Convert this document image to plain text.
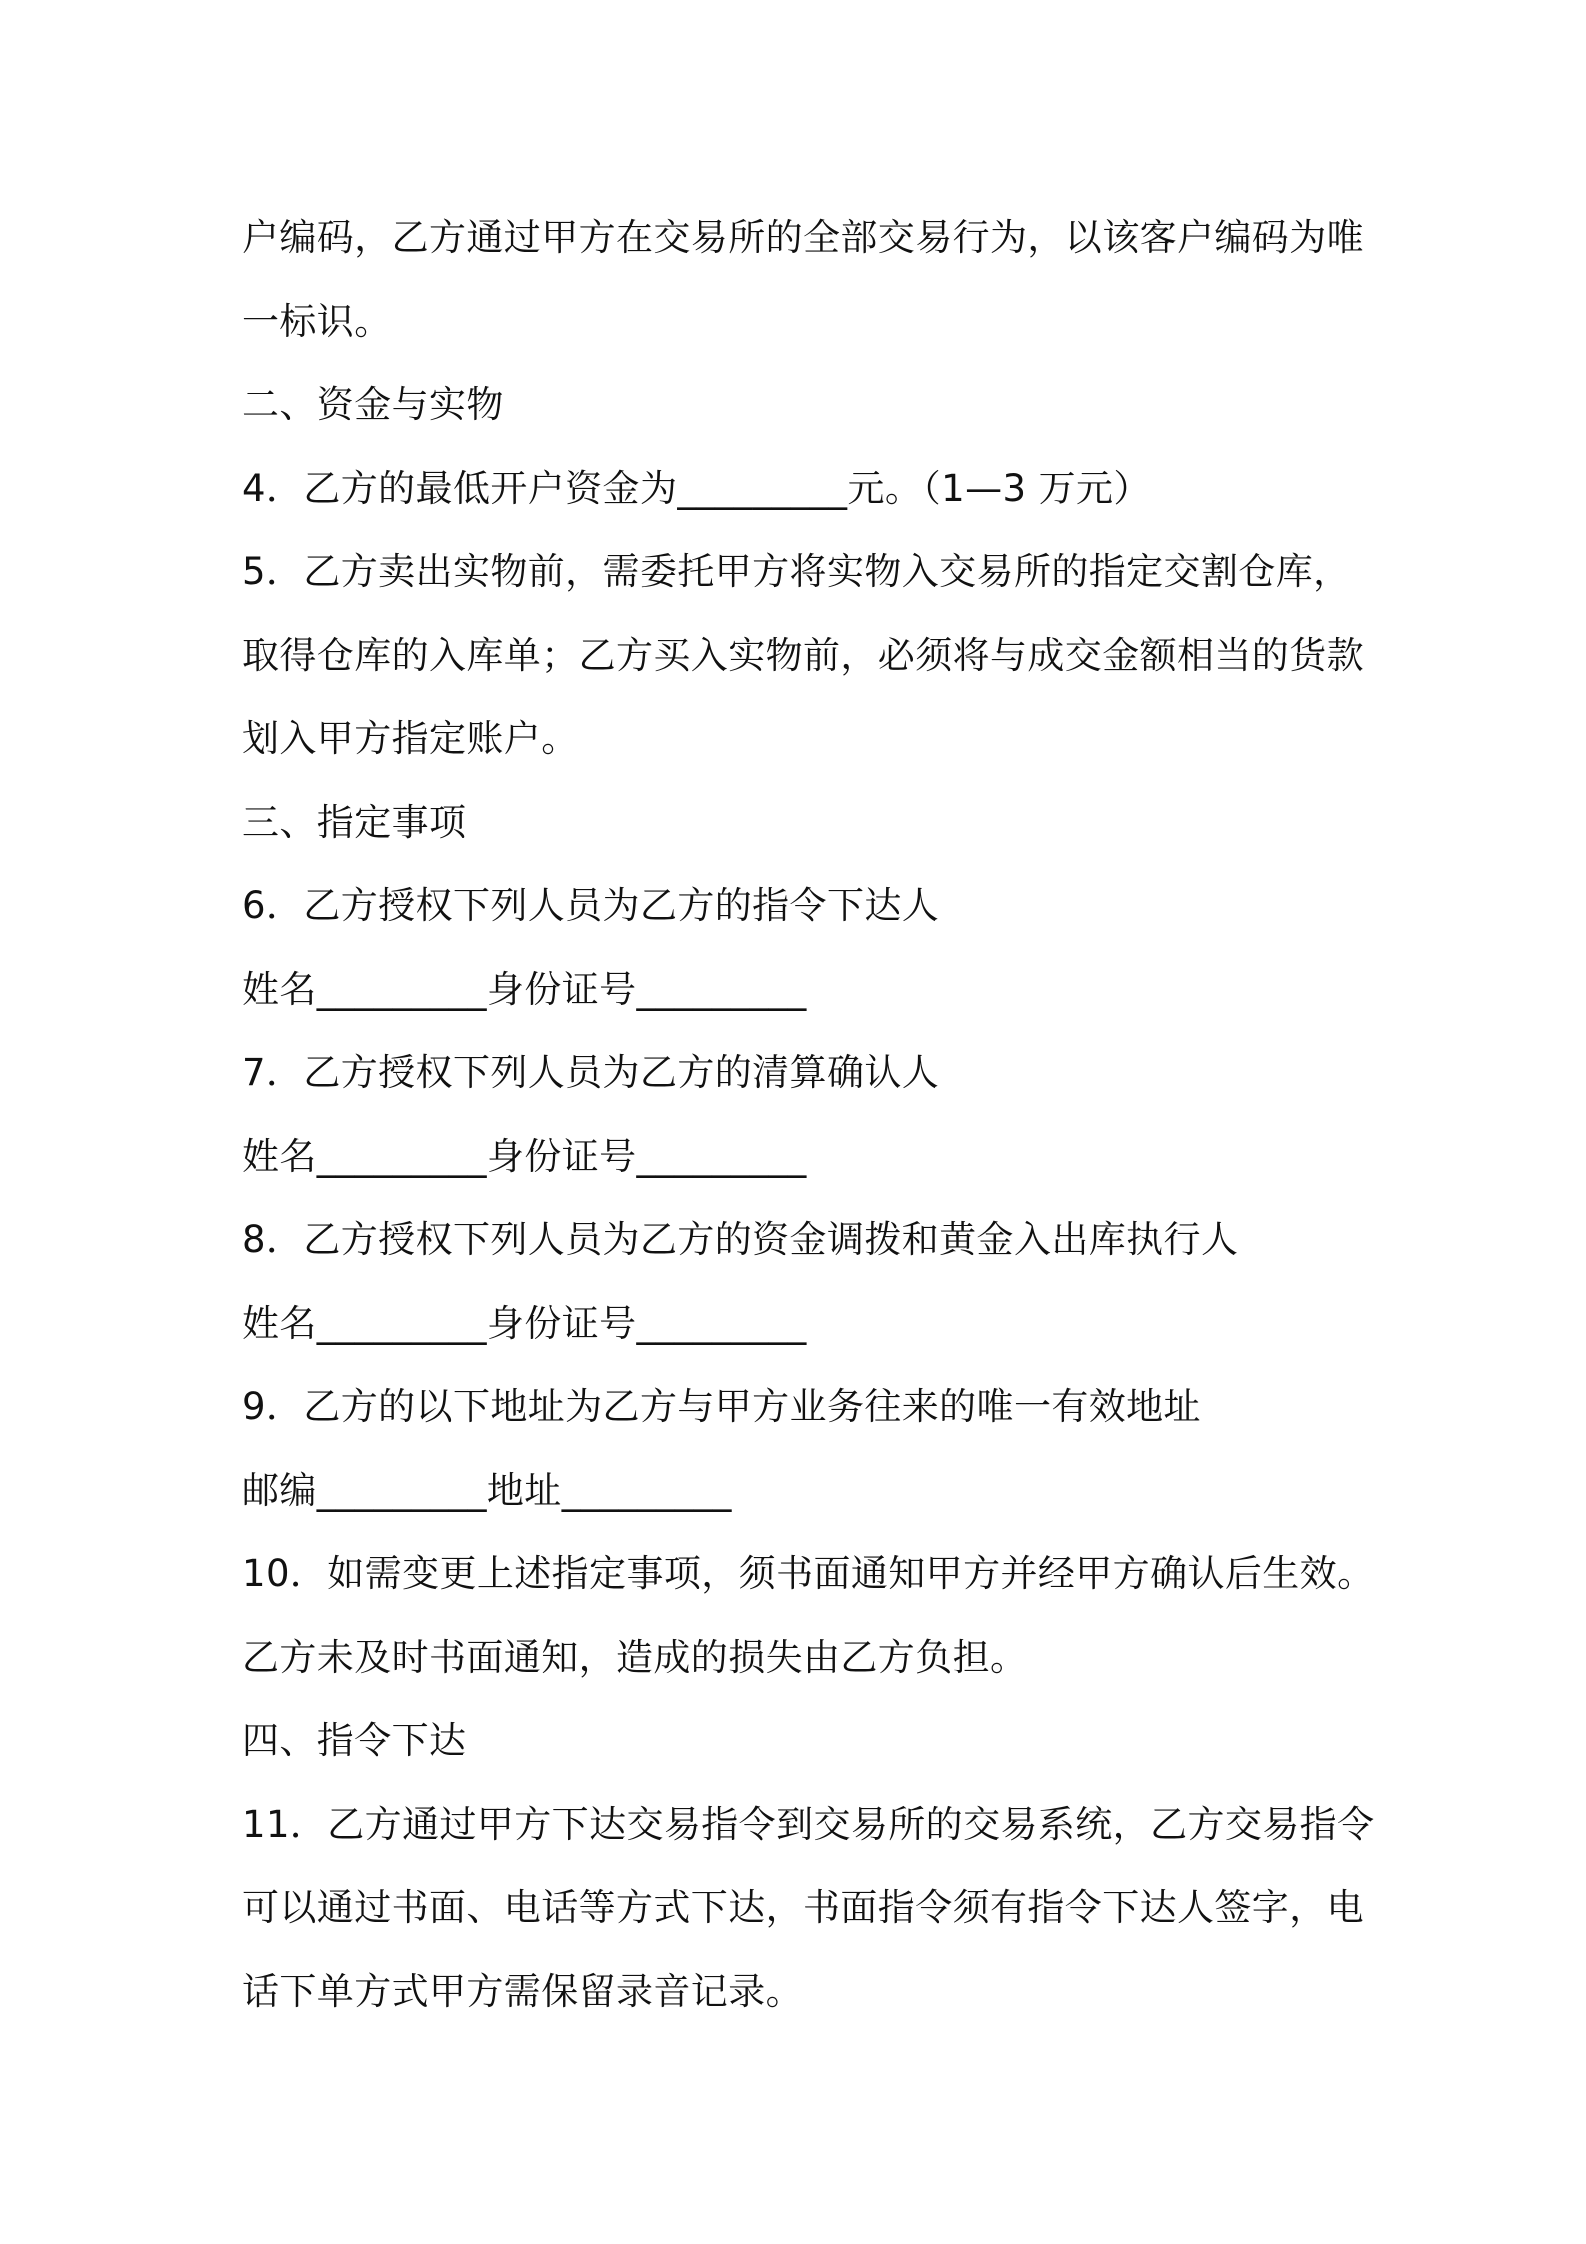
户编码，乙方通过甲方在交易所的全部交易行为，以该客户编码为唯
一标识。
二、资金与实物
4．乙方的最低开户资金为_________元。（1—3 万元）
5．乙方卖出实物前，需委托甲方将实物入交易所的指定交割仓库，
取得仓库的入库单；乙方买入实物前，必须将与成交金额相当的货款
划入甲方指定账户。
三、指定事项
6．乙方授权下列人员为乙方的指令下达人
姓名_________身份证号_________
7．乙方授权下列人员为乙方的清算确认人
姓名_________身份证号_________
8．乙方授权下列人员为乙方的资金调拨和黄金入出库执行人
姓名_________身份证号_________
9．乙方的以下地址为乙方与甲方业务往来的唯一有效地址
邮编_________地址_________
10．如需变更上述指定事项，须书面通知甲方并经甲方确认后生效。
乙方未及时书面通知，造成的损失由乙方负担。
四、指令下达
11．乙方通过甲方下达交易指令到交易所的交易系统，乙方交易指令
可以通过书面、电话等方式下达，书面指令须有指令下达人签字，电
话下单方式甲方需保留录音记录。
